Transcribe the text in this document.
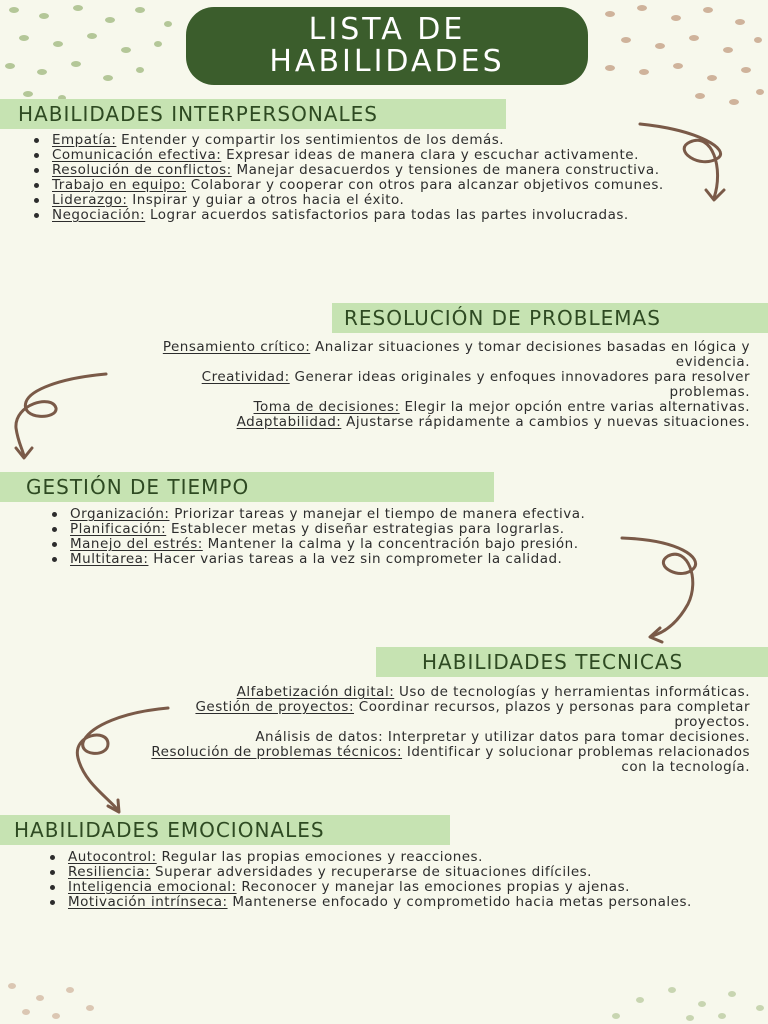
LISTA DE
HABILIDADES
HABILIDADES INTERPERSONALES
Empatía: Entender y compartir los sentimientos de los demás.
Comunicación efectiva: Expresar ideas de manera clara y escuchar activamente.
Resolución de conflictos: Manejar desacuerdos y tensiones de manera constructiva.
Trabajo en equipo: Colaborar y cooperar con otros para alcanzar objetivos comunes.
Liderazgo: Inspirar y guiar a otros hacia el éxito.
Negociación: Lograr acuerdos satisfactorios para todas las partes involucradas.
RESOLUCIÓN DE PROBLEMAS
Pensamiento crítico: Analizar situaciones y tomar decisiones basadas en lógica y evidencia.
Creatividad: Generar ideas originales y enfoques innovadores para resolver problemas.
Toma de decisiones: Elegir la mejor opción entre varias alternativas.
Adaptabilidad: Ajustarse rápidamente a cambios y nuevas situaciones.
GESTIÓN DE TIEMPO
Organización: Priorizar tareas y manejar el tiempo de manera efectiva.
Planificación: Establecer metas y diseñar estrategias para lograrlas.
Manejo del estrés: Mantener la calma y la concentración bajo presión.
Multitarea: Hacer varias tareas a la vez sin comprometer la calidad.
HABILIDADES TECNICAS
Alfabetización digital: Uso de tecnologías y herramientas informáticas.
Gestión de proyectos: Coordinar recursos, plazos y personas para completar proyectos.
Análisis de datos: Interpretar y utilizar datos para tomar decisiones.
Resolución de problemas técnicos: Identificar y solucionar problemas relacionados con la tecnología.
HABILIDADES EMOCIONALES
Autocontrol: Regular las propias emociones y reacciones.
Resiliencia: Superar adversidades y recuperarse de situaciones difíciles.
Inteligencia emocional: Reconocer y manejar las emociones propias y ajenas.
Motivación intrínseca: Mantenerse enfocado y comprometido hacia metas personales.
